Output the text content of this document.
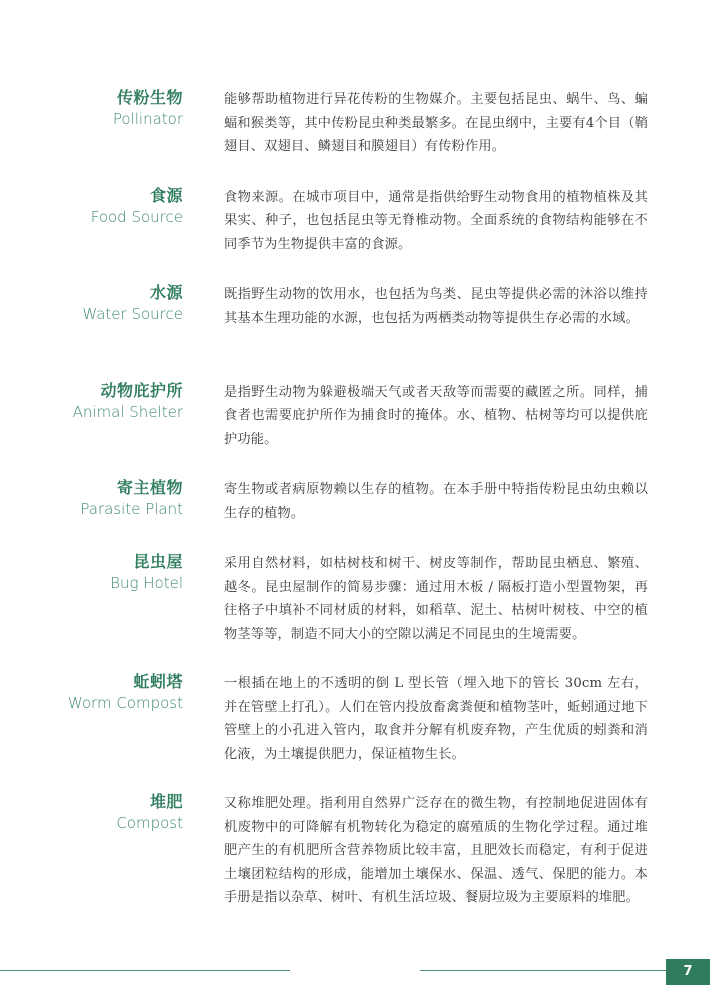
传粉生物
Pollinator
能够帮助植物进行异花传粉的生物媒介。主要包括昆虫、蜗牛、鸟、蝙蝠和猴类等，其中传粉昆虫种类最繁多。在昆虫纲中，主要有4个目（鞘翅目、双翅目、鳞翅目和膜翅目）有传粉作用。
食源
Food Source
食物来源。在城市项目中，通常是指供给野生动物食用的植物植株及其果实、种子，也包括昆虫等无脊椎动物。全面系统的食物结构能够在不同季节为生物提供丰富的食源。
水源
Water Source
既指野生动物的饮用水，也包括为鸟类、昆虫等提供必需的沐浴以维持其基本生理功能的水源，也包括为两栖类动物等提供生存必需的水域。
动物庇护所
Animal Shelter
是指野生动物为躲避极端天气或者天敌等而需要的藏匿之所。同样，捕食者也需要庇护所作为捕食时的掩体。水、植物、枯树等均可以提供庇护功能。
寄主植物
Parasite Plant
寄生物或者病原物赖以生存的植物。在本手册中特指传粉昆虫幼虫赖以生存的植物。
昆虫屋
Bug Hotel
采用自然材料，如枯树枝和树干、树皮等制作，帮助昆虫栖息、繁殖、越冬。昆虫屋制作的简易步骤：通过用木板 / 隔板打造小型置物架，再往格子中填补不同材质的材料，如稻草、泥土、枯树叶树枝、中空的植物茎等等，制造不同大小的空隙以满足不同昆虫的生境需要。
蚯蚓塔
Worm Compost
一根插在地上的不透明的倒 L 型长管（埋入地下的管长 30cm 左右，并在管壁上打孔）。人们在管内投放畜禽粪便和植物茎叶，蚯蚓通过地下管壁上的小孔进入管内，取食并分解有机废弃物，产生优质的蚓粪和消化液，为土壤提供肥力，保证植物生长。
堆肥
Compost
又称堆肥处理。指利用自然界广泛存在的微生物，有控制地促进固体有机废物中的可降解有机物转化为稳定的腐殖质的生物化学过程。通过堆肥产生的有机肥所含营养物质比较丰富，且肥效长而稳定，有利于促进土壤团粒结构的形成，能增加土壤保水、保温、透气、保肥的能力。本手册是指以杂草、树叶、有机生活垃圾、餐厨垃圾为主要原料的堆肥。
7
